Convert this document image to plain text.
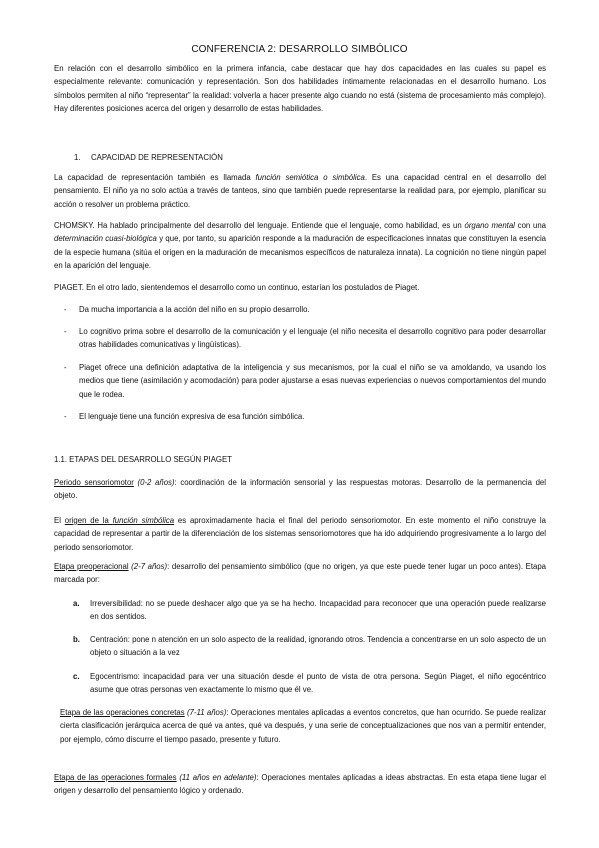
CONFERENCIA 2: DESARROLLO SIMBÓLICO
En relación con el desarrollo simbólico en la primera infancia, cabe destacar que hay dos capacidades en las cuales su papel es especialmente relevante: comunicación y representación. Son dos habilidades íntimamente relacionadas en el desarrollo humano. Los símbolos permiten al niño “representar” la realidad: volverla a hacer presente algo cuando no está (sistema de procesamiento más complejo). Hay diferentes posiciones acerca del origen y desarrollo de estas habilidades.
1. CAPACIDAD DE REPRESENTACIÓN
La capacidad de representación también es llamada función semiótica o simbólica. Es una capacidad central en el desarrollo del pensamiento. El niño ya no solo actúa a través de tanteos, sino que también puede representarse la realidad para, por ejemplo, planificar su acción o resolver un problema práctico.
CHOMSKY. Ha hablado principalmente del desarrollo del lenguaje. Entiende que el lenguaje, como habilidad, es un órgano mental con una determinación cuasi-biológica y que, por tanto, su aparición responde a la maduración de especificaciones innatas que constituyen la esencia de la especie humana (sitúa el origen en la maduración de mecanismos específicos de naturaleza innata). La cognición no tiene ningún papel en la aparición del lenguaje.
PIAGET. En el otro lado, sientendemos el desarrollo como un continuo, estarían los postulados de Piaget.
- Da mucha importancia a la acción del niño en su propio desarrollo.
- Lo cognitivo prima sobre el desarrollo de la comunicación y el lenguaje (el niño necesita el desarrollo cognitivo para poder desarrollar otras habilidades comunicativas y lingüísticas).
- Piaget ofrece una definición adaptativa de la inteligencia y sus mecanismos, por la cual el niño se va amoldando, va usando los medios que tiene (asimilación y acomodación) para poder ajustarse a esas nuevas experiencias o nuevos comportamientos del mundo que le rodea.
- El lenguaje tiene una función expresiva de esa función simbólica.
1.1. ETAPAS DEL DESARROLLO SEGÚN PIAGET
Periodo sensoriomotor (0-2 años): coordinación de la información sensorial y las respuestas motoras. Desarrollo de la permanencia del objeto.
El origen de la función simbólica es aproximadamente hacia el final del periodo sensoriomotor. En este momento el niño construye la capacidad de representar a partir de la diferenciación de los sistemas sensoriomotores que ha ido adquiriendo progresivamente a lo largo del periodo sensoriomotor.
Etapa preoperacional (2-7 años): desarrollo del pensamiento simbólico (que no origen, ya que este puede tener lugar un poco antes). Etapa marcada por:
a. Irreversibilidad: no se puede deshacer algo que ya se ha hecho. Incapacidad para reconocer que una operación puede realizarse en dos sentidos.
b. Centración: pone n atención en un solo aspecto de la realidad, ignorando otros. Tendencia a concentrarse en un solo aspecto de un objeto o situación a la vez
c. Egocentrismo: incapacidad para ver una situación desde el punto de vista de otra persona. Según Piaget, el niño egocéntrico asume que otras personas ven exactamente lo mismo que él ve.
Etapa de las operaciones concretas (7-11 años): Operaciones mentales aplicadas a eventos concretos, que han ocurrido. Se puede realizar cierta clasificación jerárquica acerca de qué va antes, qué va después, y una serie de conceptualizaciones que nos van a permitir entender, por ejemplo, cómo discurre el tiempo pasado, presente y futuro.
Etapa de las operaciones formales (11 años en adelante): Operaciones mentales aplicadas a ideas abstractas. En esta etapa tiene lugar el origen y desarrollo del pensamiento lógico y ordenado.
